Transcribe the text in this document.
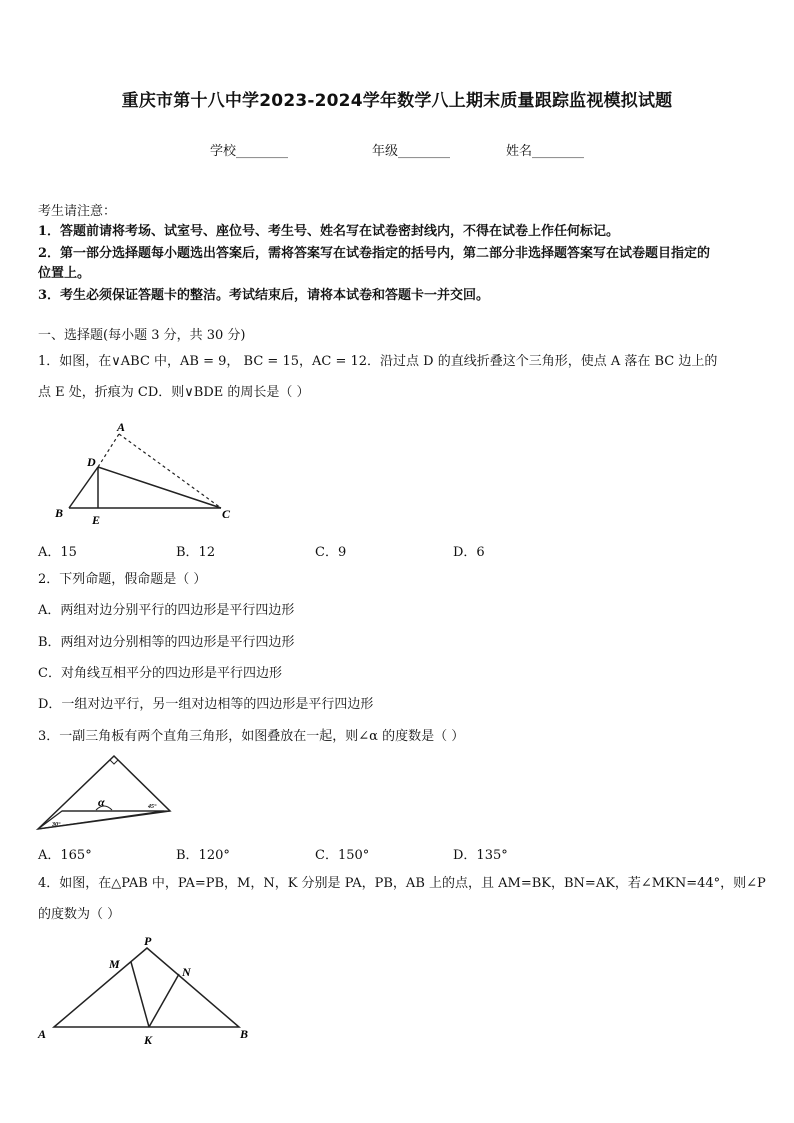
重庆市第十八中学2023-2024学年数学八上期末质量跟踪监视模拟试题
学校________	年级________	姓名________
考生请注意：
1．答题前请将考场、试室号、座位号、考生号、姓名写在试卷密封线内，不得在试卷上作任何标记。
2．第一部分选择题每小题选出答案后，需将答案写在试卷指定的括号内，第二部分非选择题答案写在试卷题目指定的
位置上。
3．考生必须保证答题卡的整洁。考试结束后，请将本试卷和答题卡一并交回。
一、选择题(每小题 3 分，共 30 分)
1．如图，在∨ABC 中，AB = 9， BC = 15，AC = 12．沿过点 D 的直线折叠这个三角形，使点 A 落在 BC 边上的
点 E 处，折痕为 CD．则∨BDE 的周长是（ ）
A
D
B E	C
A．15	B．12	C．9	D．6
2．下列命题，假命题是（ ）
A．两组对边分别平行的四边形是平行四边形
B．两组对边分别相等的四边形是平行四边形
C．对角线互相平分的四边形是平行四边形
D．一组对边平行，另一组对边相等的四边形是平行四边形
3．一副三角板有两个直角三角形，如图叠放在一起，则∠α 的度数是（ ）
α	45°
30°
A．165°	B．120°	C．150°	D．135°
4．如图，在△PAB 中，PA=PB，M，N，K 分别是 PA，PB，AB 上的点，且 AM=BK，BN=AK，若∠MKN=44°，则∠P
的度数为（ ）
P
M
N
A	B
K
